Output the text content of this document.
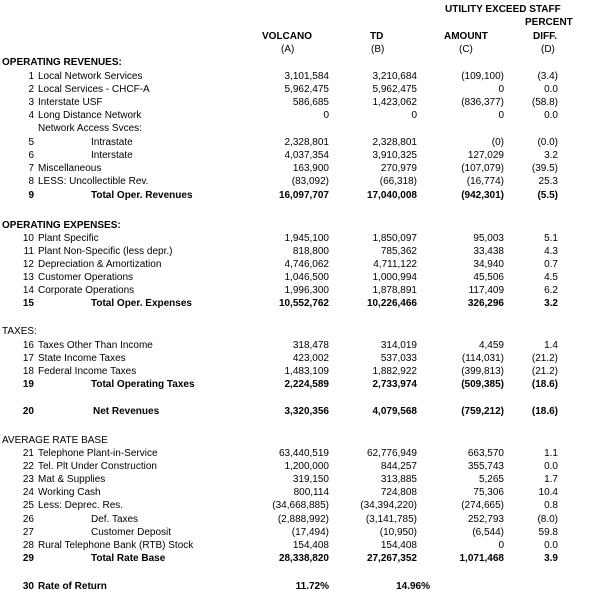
UTILITY EXCEED STAFF
PERCENT
VOLCANO	TD	AMOUNT	DIFF.
(A)	(B)	(C)	(D)
OPERATING REVENUES:
OPERATING EXPENSES:
TAXES:
AVERAGE RATE BASE
1 Local Network Services	3,101,584	3,210,684	(109,100)	(3.4)
2 Local Services - CHCF-A	5,962,475	5,962,475	0	0.0
3 Interstate USF	586,685	1,423,062	(836,377)	(58.8)
4 Long Distance Network	0	0	0	0.0
Network Access Svces:
5	Intrastate	2,328,801	2,328,801	(0)	(0.0)
6	Interstate	4,037,354	3,910,325	127,029	3.2
7 Miscellaneous	163,900	270,979	(107,079)	(39.5)
8 LESS: Uncollectible Rev.	(83,092)	(66,318)	(16,774)	25.3
9	Total Oper. Revenues	16,097,707	17,040,008	(942,301)	(5.5)
10 Plant Specific	1,945,100	1,850,097	95,003	5.1
11 Plant Non-Specific (less depr.)	818,800	785,362	33,438	4.3
12 Depreciation & Amortization	4,746,062	4,711,122	34,940	0.7
13 Customer Operations	1,046,500	1,000,994	45,506	4.5
14 Corporate Operations	1,996,300	1,878,891	117,409	6.2
15	Total Oper. Expenses	10,552,762	10,226,466	326,296	3.2
16 Taxes Other Than Income	318,478	314,019	4,459	1.4
17 State Income Taxes	423,002	537,033	(114,031)	(21.2)
18 Federal Income Taxes	1,483,109	1,882,922	(399,813)	(21.2)
19	Total Operating Taxes	2,224,589	2,733,974	(509,385)	(18.6)
20	Net Revenues	3,320,356	4,079,568	(759,212)	(18.6)
21 Telephone Plant-in-Service	63,440,519	62,776,949	663,570	1.1
22 Tel. Plt Under Construction	1,200,000	844,257	355,743	0.0
23 Mat & Supplies	319,150	313,885	5,265	1.7
24 Working Cash	800,114	724,808	75,306	10.4
25 Less: Deprec. Res.	(34,668,885)	(34,394,220)	(274,665)	0.8
26	Def. Taxes	(2,888,992)	(3,141,785)	252,793	(8.0)
27	Customer Deposit	(17,494)	(10,950)	(6,544)	59.8
28 Rural Telephone Bank (RTB) Stock	154,408	154,408	0	0.0
29	Total Rate Base	28,338,820	27,267,352	1,071,468	3.9
30 Rate of Return	11.72%	14.96%
